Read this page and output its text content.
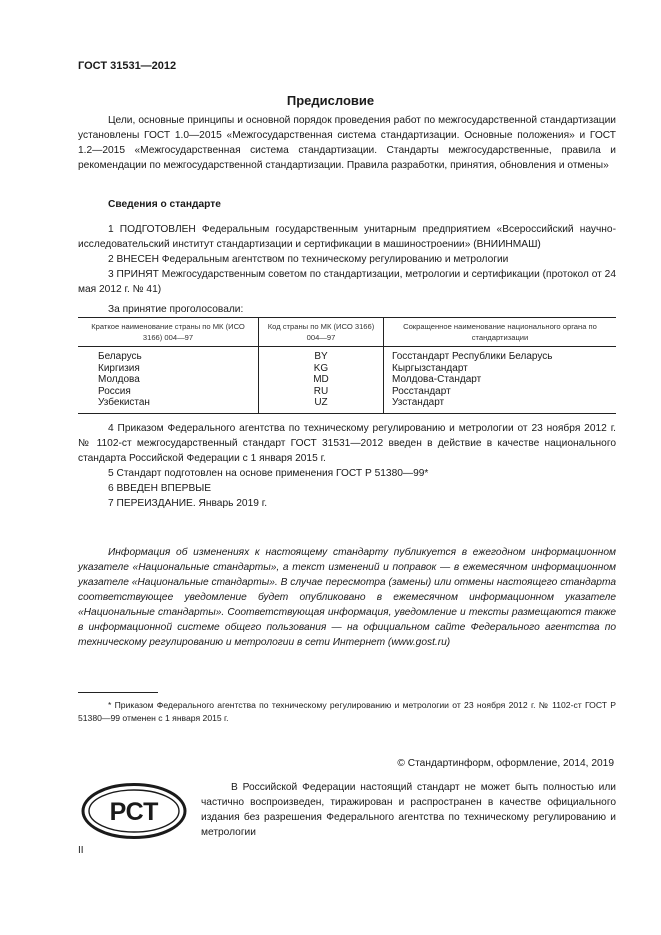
ГОСТ 31531—2012
Предисловие

Цели, основные принципы и основной порядок проведения работ по межгосударственной стандартизации установлены ГОСТ 1.0—2015 «Межгосударственная система стандартизации. Основные положения» и ГОСТ 1.2—2015 «Межгосударственная система стандартизации. Стандарты межгосударственные, правила и рекомендации по межгосударственной стандартизации. Правила разработки, принятия, обновления и отмены»

Сведения о стандарте

1 ПОДГОТОВЛЕН Федеральным государственным унитарным предприятием «Всероссийский научно-исследовательский институт стандартизации и сертификации в машиностроении» (ВНИИНМАШ)

2 ВНЕСЕН Федеральным агентством по техническому регулированию и метрологии

3 ПРИНЯТ Межгосударственным советом по стандартизации, метрологии и сертификации (протокол от 24 мая 2012 г. № 41)

За принятие проголосовали:

Краткое наименование страны по МК (ИСО 3166) 004—97	Код страны по МК (ИСО 3166) 004—97	Сокращенное наименование национального органа по стандартизации
Беларусь	BY	Госстандарт Республики Беларусь
Киргизия	KG	Кыргызстандарт
Молдова	MD	Молдова-Стандарт
Россия	RU	Росстандарт
Узбекистан	UZ	Узстандарт

4 Приказом Федерального агентства по техническому регулированию и метрологии от 23 ноября 2012 г. № 1102-ст межгосударственный стандарт ГОСТ 31531—2012 введен в действие в качестве национального стандарта Российской Федерации с 1 января 2015 г.

5 Стандарт подготовлен на основе применения ГОСТ Р 51380—99*

6 ВВЕДЕН ВПЕРВЫЕ

7 ПЕРЕИЗДАНИЕ. Январь 2019 г.

Информация об изменениях к настоящему стандарту публикуется в ежегодном информационном указателе «Национальные стандарты», а текст изменений и поправок — в ежемесячном информационном указателе «Национальные стандарты». В случае пересмотра (замены) или отмены настоящего стандарта соответствующее уведомление будет опубликовано в ежемесячном информационном указателе «Национальные стандарты». Соответствующая информация, уведомление и тексты размещаются также в информационной системе общего пользования — на официальном сайте Федерального агентства по техническому регулированию и метрологии в сети Интернет (www.gost.ru)

* Приказом Федерального агентства по техническому регулированию и метрологии от 23 ноября 2012 г. № 1102-ст ГОСТ Р 51380—99 отменен с 1 января 2015 г.
© Стандартинформ, оформление, 2014, 2019
РСТ
В Российской Федерации настоящий стандарт не может быть полностью или частично воспроизведен, тиражирован и распространен в качестве официального издания без разрешения Федерального агентства по техническому регулированию и метрологии
II
